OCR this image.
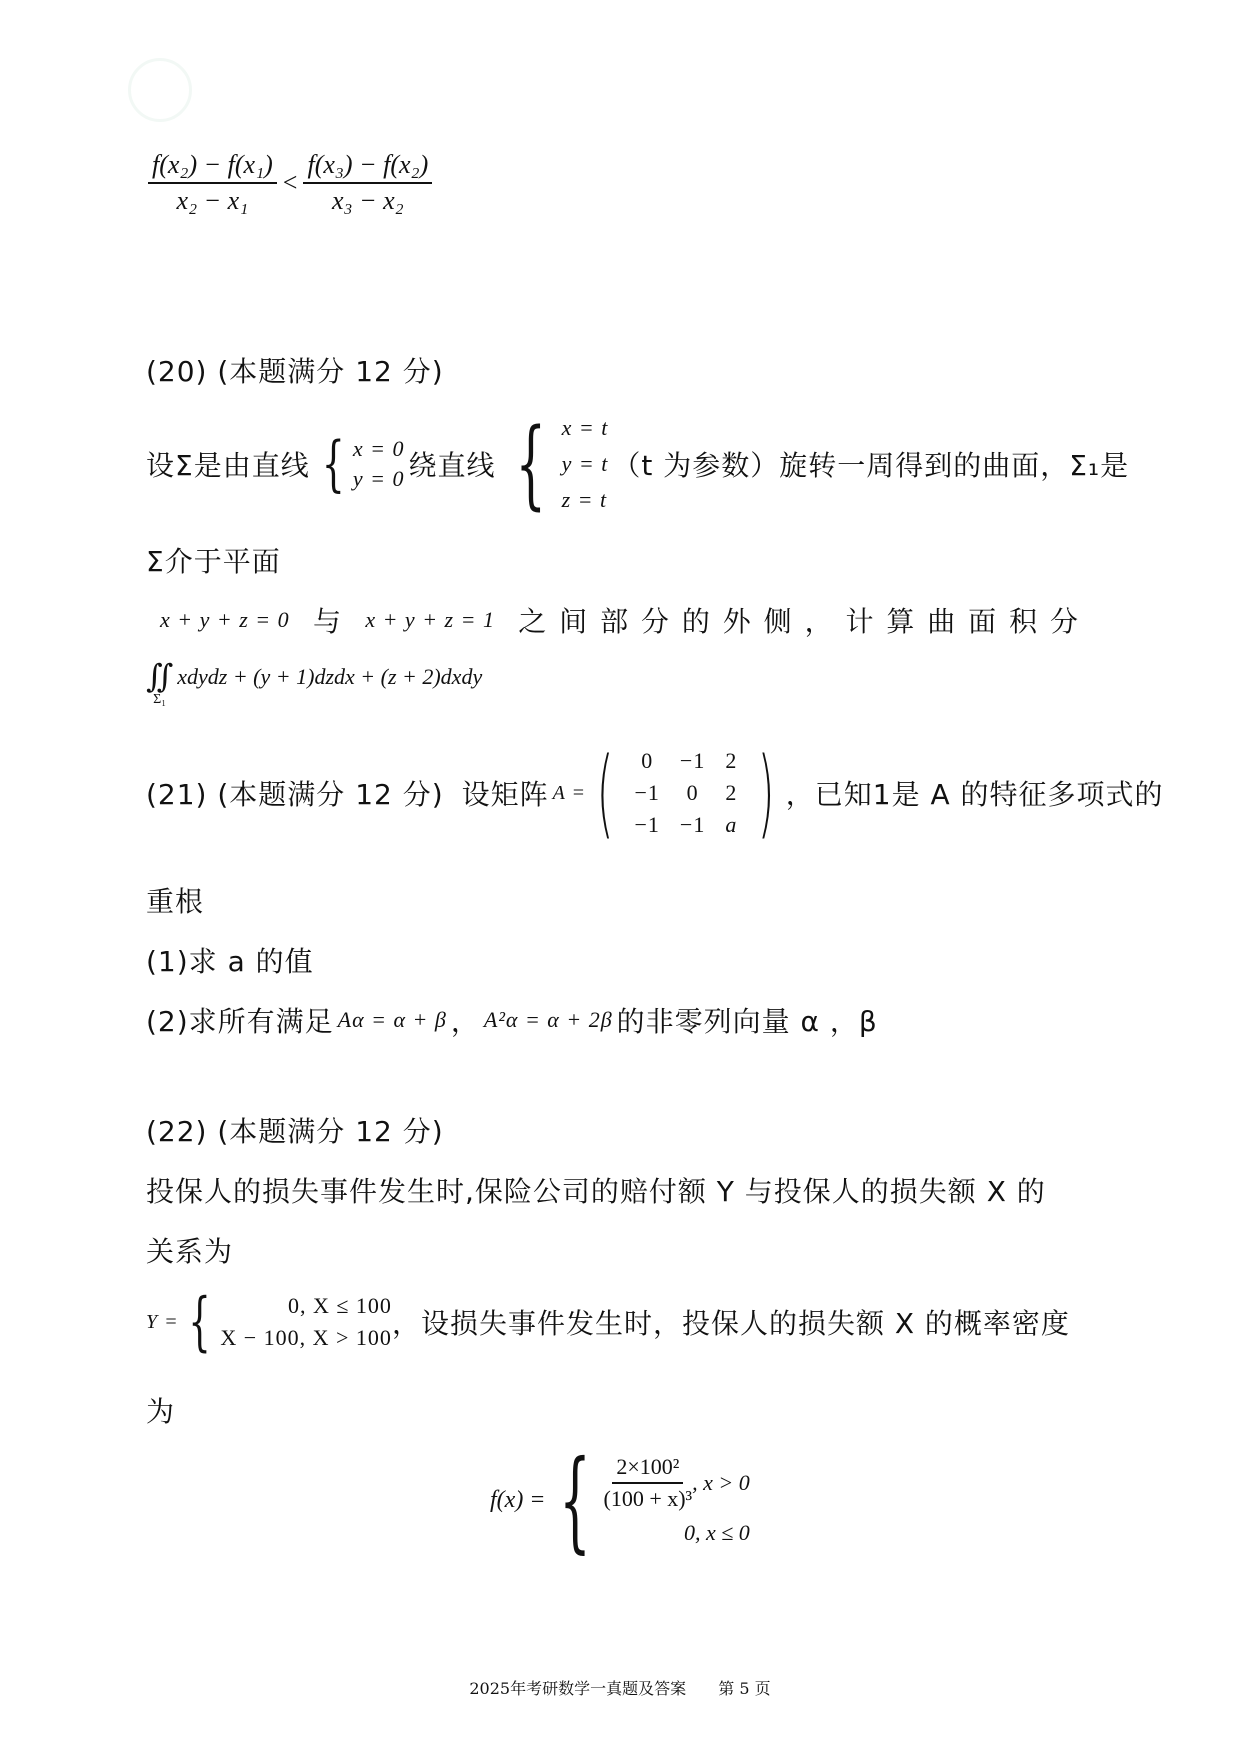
$\frac{\text{f(x₂) − f(x₁)}}{\text{x₂ − x₁}} < \frac{\text{f(x₃) − f(x₂)}}{\text{x₃ − x₂}}$
(20) (本题满分 12 分)
设Σ是由直线 { x = 0
y = 0 绕直线 { x = t
y = t
z = t
（t 为参数）旋转一周得到的曲面，Σ₁是
Σ介于平面
x + y + z = 0 与 x + y + z = 1 之 间 部 分 的 外 侧 ， 计 算 曲 面 积 分
∬
Σ₁
xdydz + (y + 1)dzdx + (z + 2)dxdy
(21) (本题满分 12 分) 设矩阵 A = ( 0	−1	2
−1	0	2
−1	−1	a ) ，已知1是 A 的特征多项式的
重根
(1)求 a 的值
(2)求所有满足 Aα = α + β ， A²α = α + 2β 的非零列向量 α ，β
(22) (本题满分 12 分)
投保人的损失事件发生时,保险公司的赔付额 Y 与投保人的损失额 X 的
关系为
Y = {	0, X ≤ 100
X − 100, X > 100 ，设损失事件发生时，投保人的损失额 X 的概率密度
为
f(x) = { $\frac{\text{2×100²}}{\text{(100 + x)³}}$ , x > 0
0, x ≤ 0
2025年考研数学一真题及答案 第 5 页
